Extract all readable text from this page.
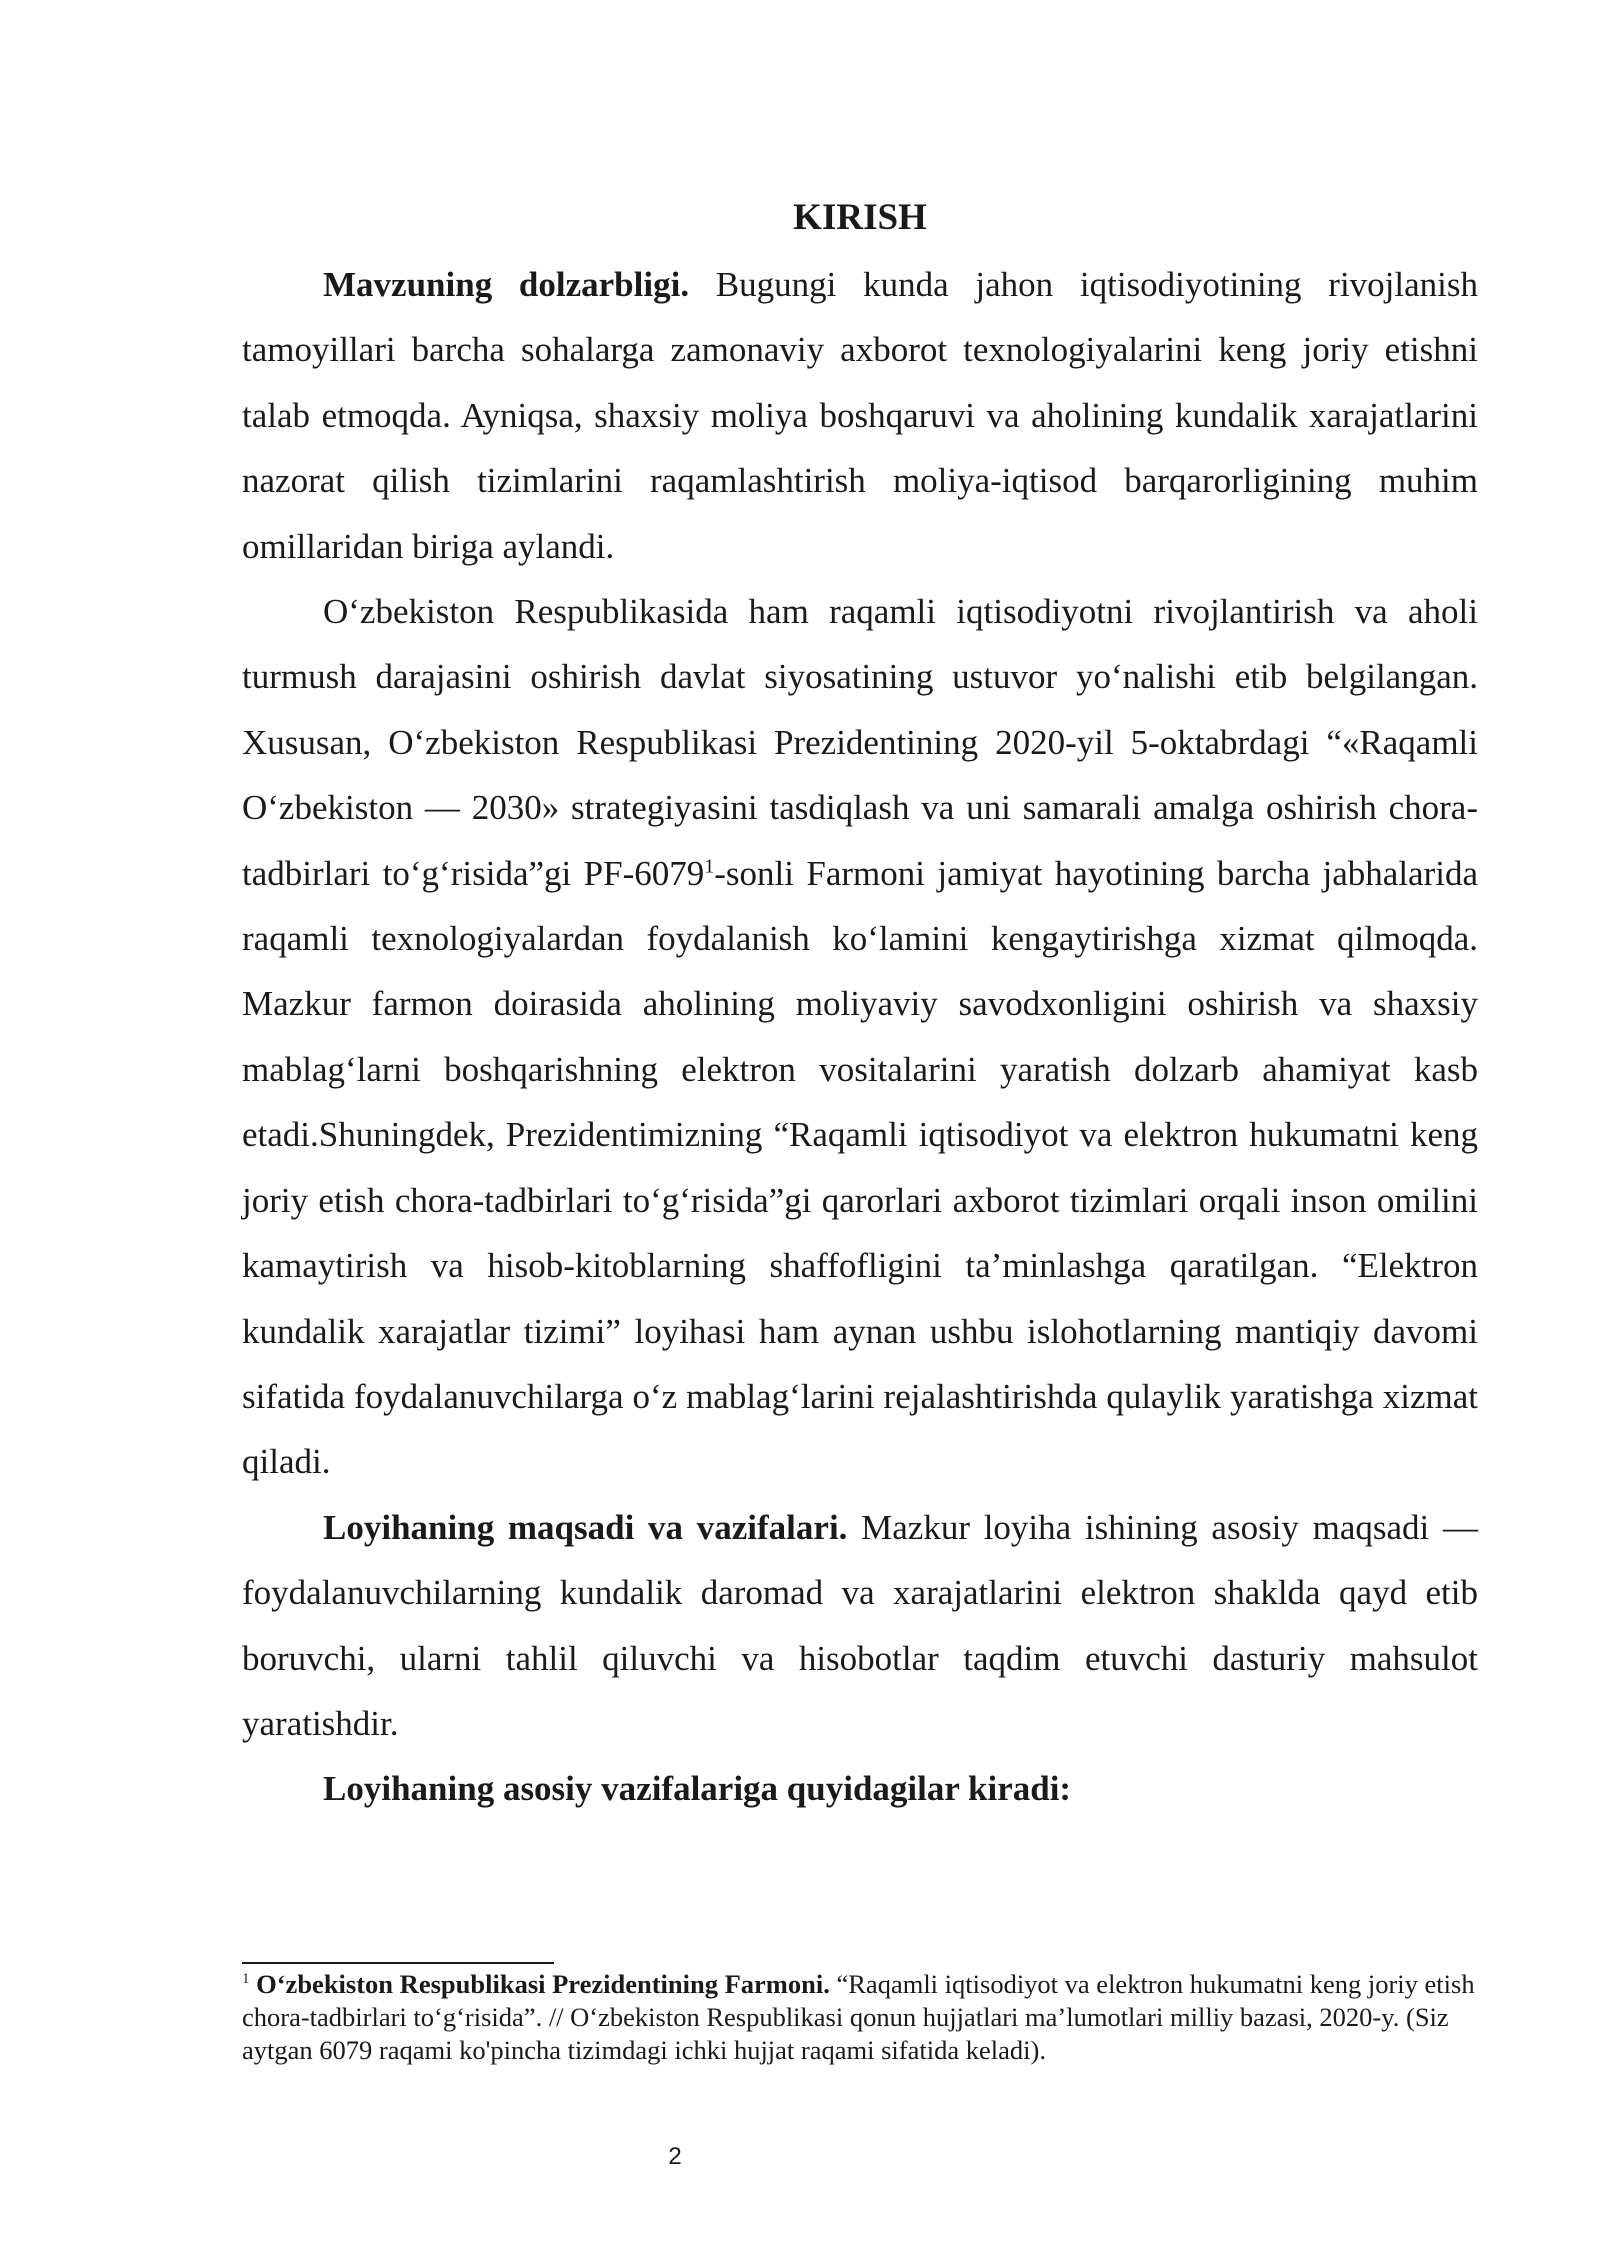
KIRISH

Mavzuning dolzarbligi. Bugungi kunda jahon iqtisodiyotining rivojlanish tamoyillari barcha sohalarga zamonaviy axborot texnologiyalarini keng joriy etishni talab etmoqda. Ayniqsa, shaxsiy moliya boshqaruvi va aholining kundalik xarajatlarini nazorat qilish tizimlarini raqamlashtirish moliya-iqtisod barqarorligining muhim omillaridan biriga aylandi.

O‘zbekiston Respublikasida ham raqamli iqtisodiyotni rivojlantirish va aholi turmush darajasini oshirish davlat siyosatining ustuvor yo‘nalishi etib belgilangan. Xususan, O‘zbekiston Respublikasi Prezidentining 2020-yil 5-oktabrdagi “«Raqamli O‘zbekiston — 2030» strategiyasini tasdiqlash va uni samarali amalga oshirish chora-tadbirlari to‘g‘risida”gi PF-6079$^1$-sonli Farmoni jamiyat hayotining barcha jabhalarida raqamli texnologiyalardan foydalanish ko‘lamini kengaytirishga xizmat qilmoqda. Mazkur farmon doirasida aholining moliyaviy savodxonligini oshirish va shaxsiy mablag‘larni boshqarishning elektron vositalarini yaratish dolzarb ahamiyat kasb etadi.Shuningdek, Prezidentimizning “Raqamli iqtisodiyot va elektron hukumatni keng joriy etish chora-tadbirlari to‘g‘risida”gi qarorlari axborot tizimlari orqali inson omilini kamaytirish va hisob-kitoblarning shaffofligini ta’minlashga qaratilgan. “Elektron kundalik xarajatlar tizimi” loyihasi ham aynan ushbu islohotlarning mantiqiy davomi sifatida foydalanuvchilarga o‘z mablag‘larini rejalashtirishda qulaylik yaratishga xizmat qiladi.

Loyihaning maqsadi va vazifalari. Mazkur loyiha ishining asosiy maqsadi — foydalanuvchilarning kundalik daromad va xarajatlarini elektron shaklda qayd etib boruvchi, ularni tahlil qiluvchi va hisobotlar taqdim etuvchi dasturiy mahsulot yaratishdir.

Loyihaning asosiy vazifalariga quyidagilar kiradi:

$^1$ O‘zbekiston Respublikasi Prezidentining Farmoni. “Raqamli iqtisodiyot va elektron hukumatni keng joriy etish chora-tadbirlari to‘g‘risida”. // O‘zbekiston Respublikasi qonun hujjatlari ma’lumotlari milliy bazasi, 2020-y. (Siz aytgan 6079 raqami ko'pincha tizimdagi ichki hujjat raqami sifatida keladi).

2
